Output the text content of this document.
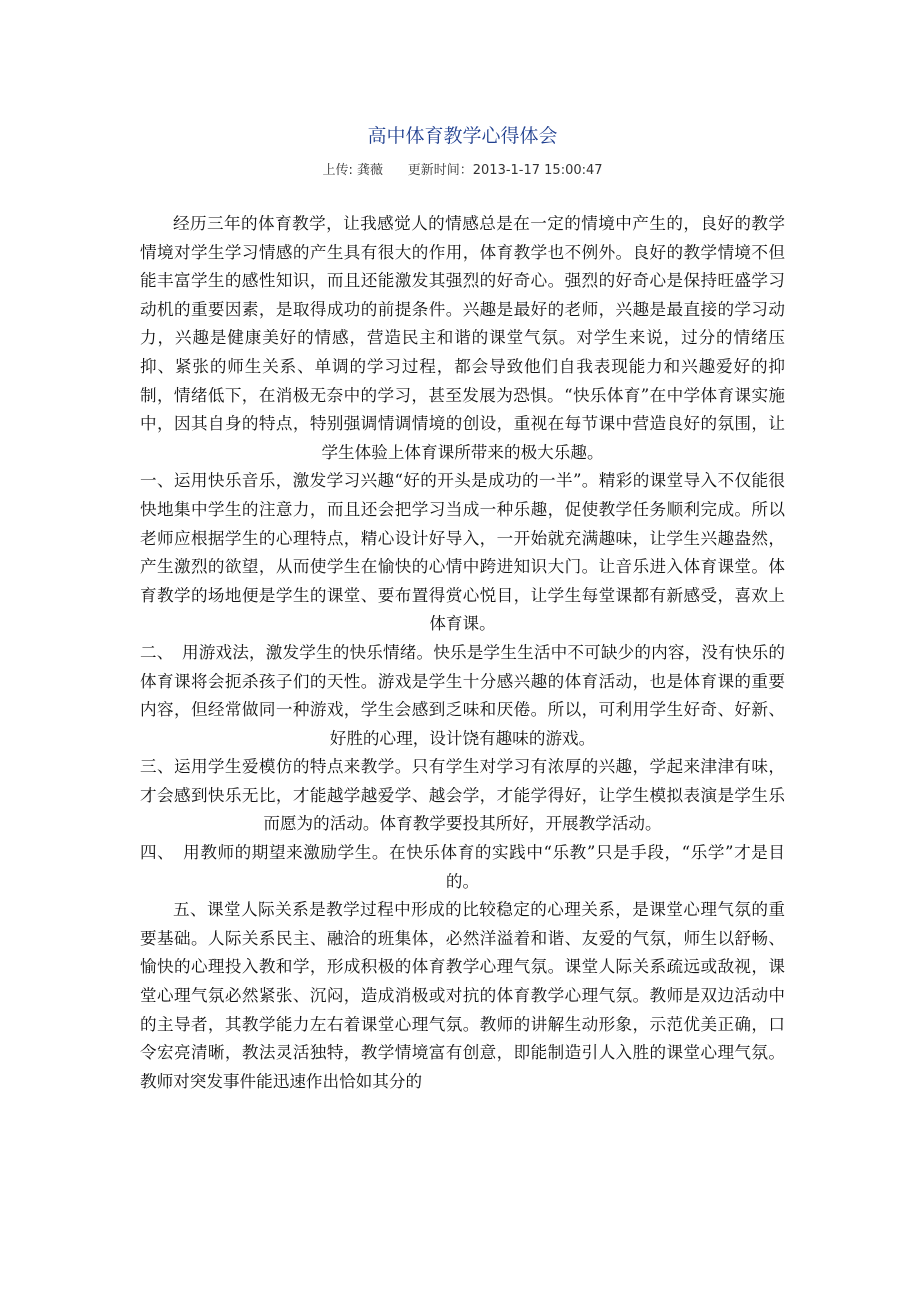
高中体育教学心得体会
上传: 龚薇 更新时间：2013-1-17 15:00:47

经历三年的体育教学，让我感觉人的情感总是在一定的情境中产生的，良好的教学情境对学生学习情感的产生具有很大的作用，体育教学也不例外。良好的教学情境不但能丰富学生的感性知识，而且还能激发其强烈的好奇心。强烈的好奇心是保持旺盛学习动机的重要因素，是取得成功的前提条件。兴趣是最好的老师，兴趣是最直接的学习动力，兴趣是健康美好的情感，营造民主和谐的课堂气氛。对学生来说，过分的情绪压抑、紧张的师生关系、单调的学习过程，都会导致他们自我表现能力和兴趣爱好的抑制，情绪低下，在消极无奈中的学习，甚至发展为恐惧。“快乐体育”在中学体育课实施中，因其自身的特点，特别强调情调情境的创设，重视在每节课中营造良好的氛围，让学生体验上体育课所带来的极大乐趣。

一、运用快乐音乐，激发学习兴趣“好的开头是成功的一半”。精彩的课堂导入不仅能很快地集中学生的注意力，而且还会把学习当成一种乐趣，促使教学任务顺利完成。所以老师应根据学生的心理特点，精心设计好导入，一开始就充满趣味，让学生兴趣盎然，产生激烈的欲望，从而使学生在愉快的心情中跨进知识大门。让音乐进入体育课堂。体育教学的场地便是学生的课堂、要布置得赏心悦目，让学生每堂课都有新感受，喜欢上体育课。

二、　用游戏法，激发学生的快乐情绪。快乐是学生生活中不可缺少的内容，没有快乐的体育课将会扼杀孩子们的天性。游戏是学生十分感兴趣的体育活动，也是体育课的重要内容，但经常做同一种游戏，学生会感到乏味和厌倦。所以，可利用学生好奇、好新、好胜的心理，设计饶有趣味的游戏。

三、运用学生爱模仿的特点来教学。只有学生对学习有浓厚的兴趣，学起来津津有味，才会感到快乐无比，才能越学越爱学、越会学，才能学得好，让学生模拟表演是学生乐而愿为的活动。体育教学要投其所好，开展教学活动。

四、　用教师的期望来激励学生。在快乐体育的实践中“乐教”只是手段，“乐学”才是目的。

五、课堂人际关系是教学过程中形成的比较稳定的心理关系，是课堂心理气氛的重要基础。人际关系民主、融洽的班集体，必然洋溢着和谐、友爱的气氛，师生以舒畅、愉快的心理投入教和学，形成积极的体育教学心理气氛。课堂人际关系疏远或敌视，课堂心理气氛必然紧张、沉闷，造成消极或对抗的体育教学心理气氛。教师是双边活动中的主导者，其教学能力左右着课堂心理气氛。教师的讲解生动形象，示范优美正确，口令宏亮清晰，教法灵活独特，教学情境富有创意，即能制造引人入胜的课堂心理气氛。教师对突发事件能迅速作出恰如其分的
